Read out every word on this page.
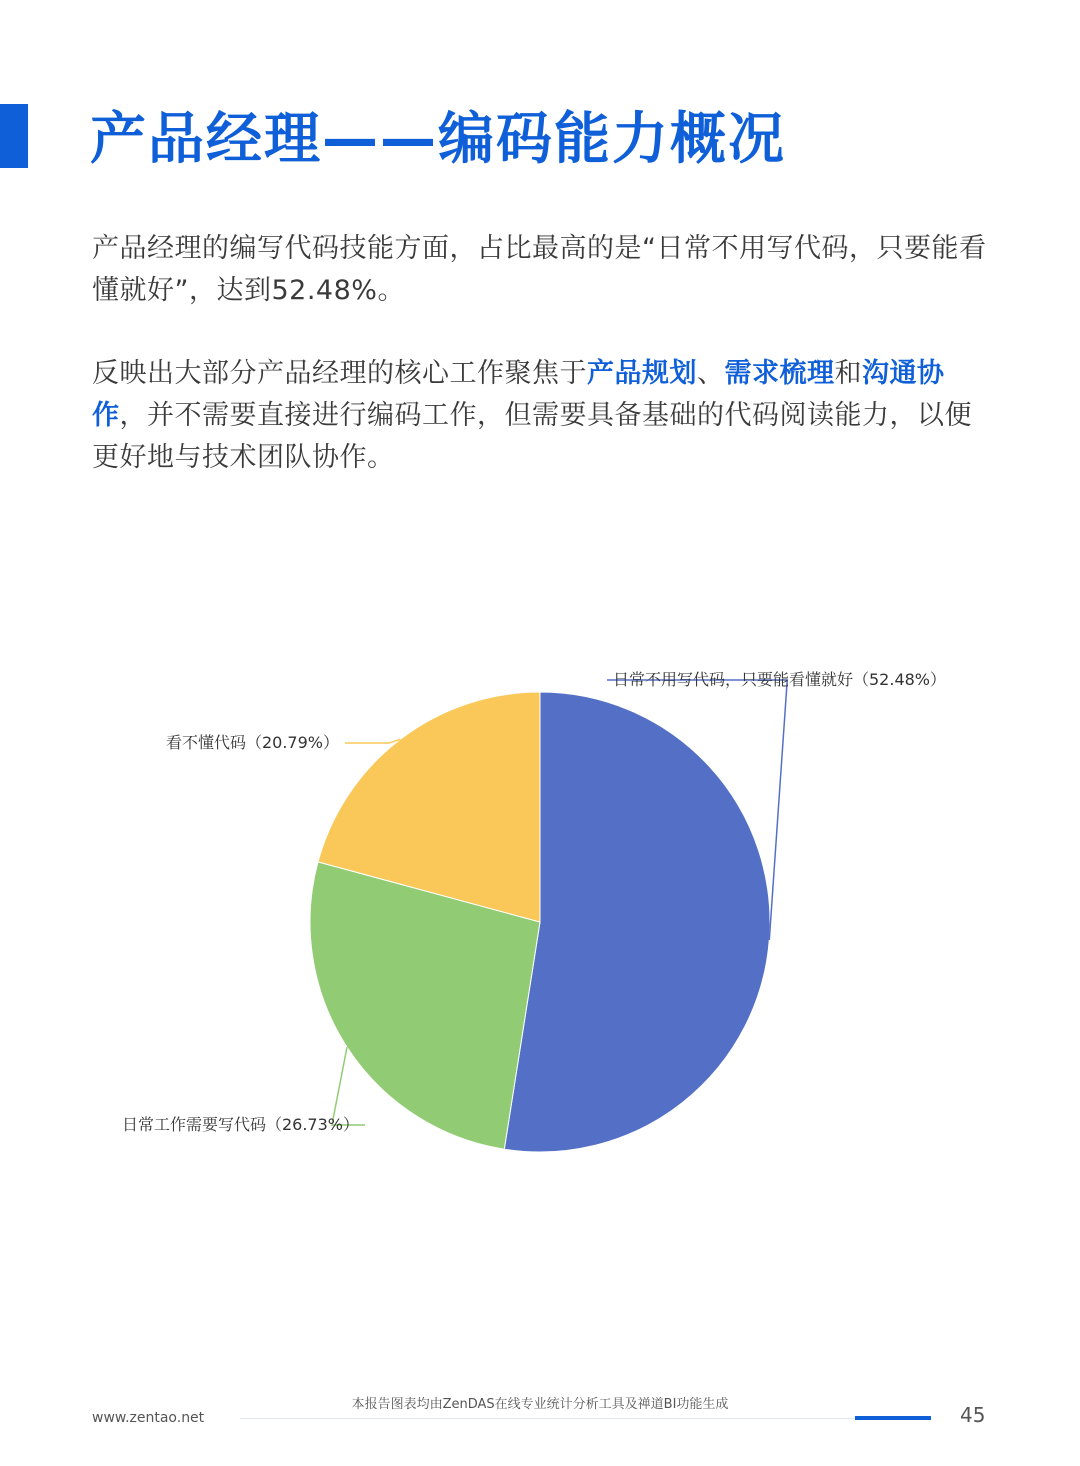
产品经理——编码能力概况
产品经理的编写代码技能方面，占比最高的是“日常不用写代码，只要能看懂就好”，达到52.48%。
反映出大部分产品经理的核心工作聚焦于产品规划、需求梳理和沟通协作，并不需要直接进行编码工作，但需要具备基础的代码阅读能力，以便更好地与技术团队协作。
日常不用写代码，只要能看懂就好（52.48%）
日常工作需要写代码（26.73%）
看不懂代码（20.79%）
本报告图表均由ZenDAS在线专业统计分析工具及禅道BI功能生成
www.zentao.net	45
